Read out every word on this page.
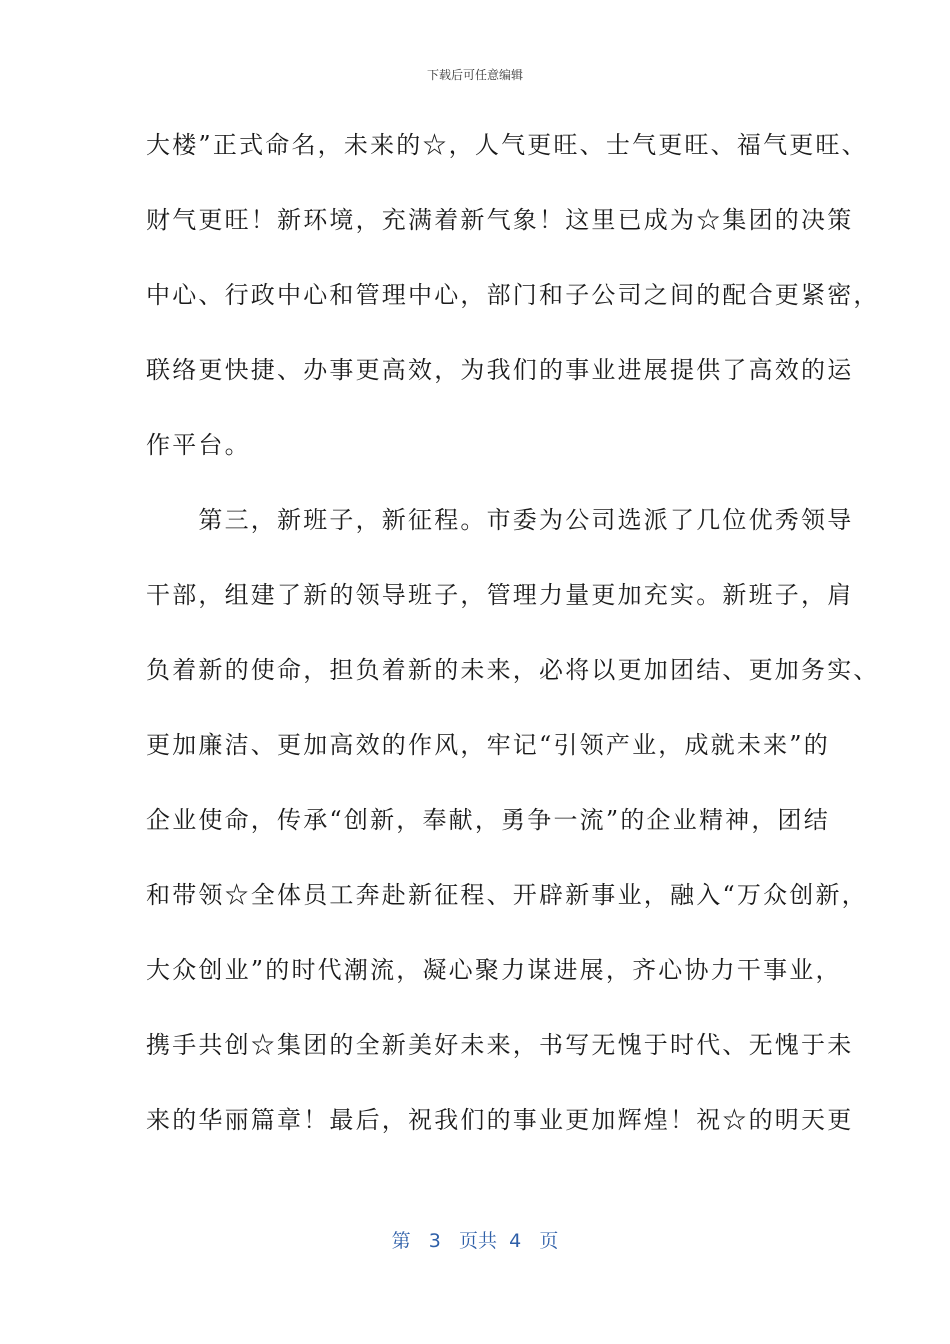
下载后可任意编辑
大楼”正式命名，未来的☆，人气更旺、士气更旺、福气更旺、
财气更旺！新环境，充满着新气象！这里已成为☆集团的决策
中心、行政中心和管理中心，部门和子公司之间的配合更紧密，
联络更快捷、办事更高效，为我们的事业进展提供了高效的运
作平台。
　　第三，新班子，新征程。市委为公司选派了几位优秀领导
干部，组建了新的领导班子，管理力量更加充实。新班子，肩
负着新的使命，担负着新的未来，必将以更加团结、更加务实、
更加廉洁、更加高效的作风，牢记“引领产业，成就未来”的
企业使命，传承“创新，奉献，勇争一流”的企业精神，团结
和带领☆全体员工奔赴新征程、开辟新事业，融入“万众创新，
大众创业”的时代潮流，凝心聚力谋进展，齐心协力干事业，
携手共创☆集团的全新美好未来，书写无愧于时代、无愧于未
来的华丽篇章！最后，祝我们的事业更加辉煌！祝☆的明天更
第 3 页共 4 页
